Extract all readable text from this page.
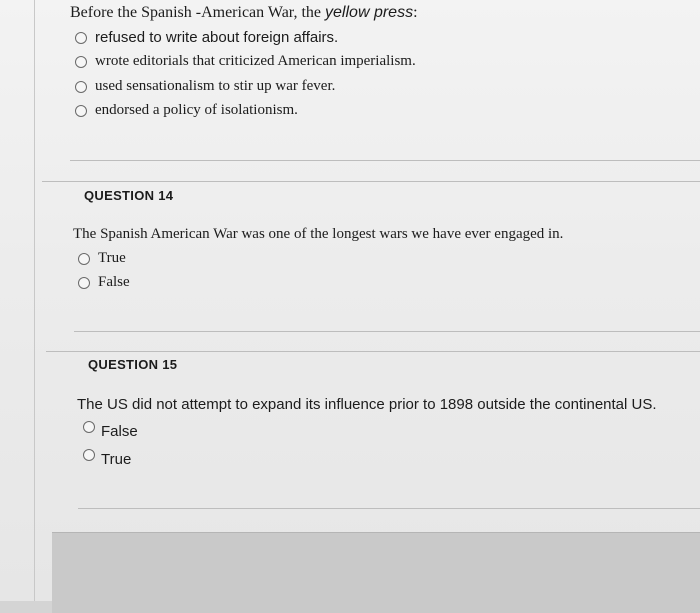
Before the Spanish -American War, the yellow press:
refused to write about foreign affairs.
wrote editorials that criticized American imperialism.
used sensationalism to stir up war fever.
endorsed a policy of isolationism.
QUESTION 14
The Spanish American War was one of the longest wars we have ever engaged in.
True
False
QUESTION 15
The US did not attempt to expand its influence prior to 1898 outside the continental US.
False
True
